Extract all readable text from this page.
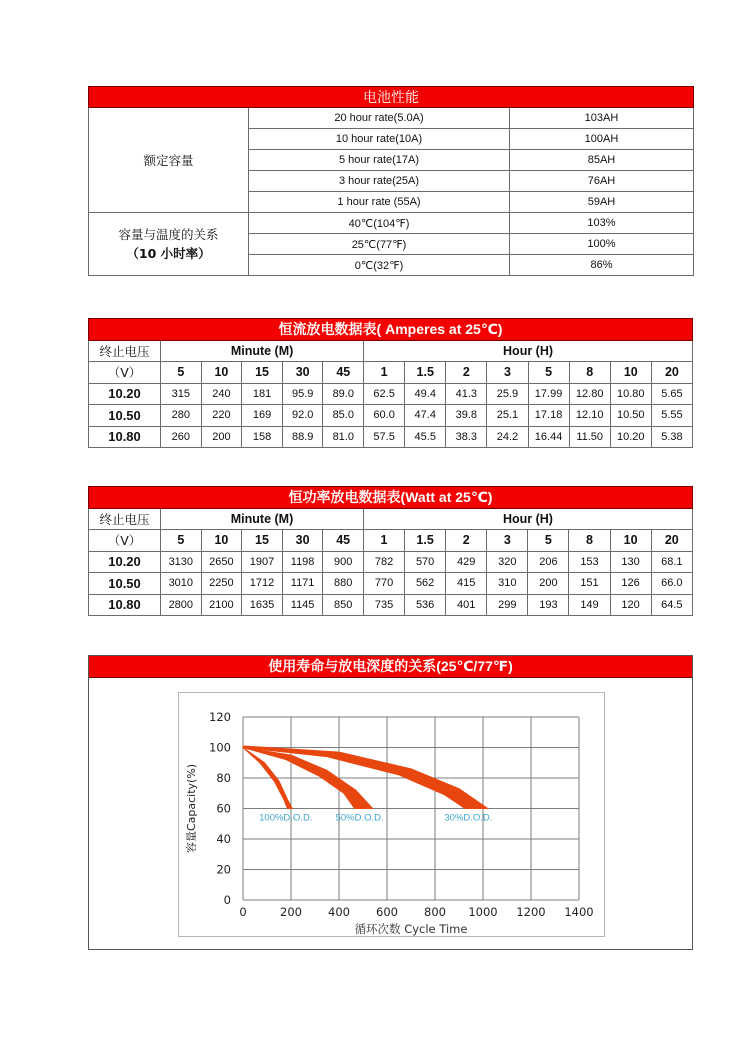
电池性能		
额定容量	20 hour rate(5.0A)	103AH
	10 hour rate(10A)	100AH
	5 hour rate(17A)	85AH
	3 hour rate(25A)	76AH
	1 hour rate (55A)	59AH

容量与温度的关系
（10 小时率）	40℃(104℉)	103%
	25℃(77℉)	100%
	0℃(32℉)	86%
恒流放电数据表( Amperes at 25℃)													
终止电压	Minute (M)					Hour (H)							
（V）	5	10	15	30	45	1	1.5	2	3	5	8	10	20
10.20	315	240	181	95.9	89.0	62.5	49.4	41.3	25.9	17.99	12.80	10.80	5.65
10.50	280	220	169	92.0	85.0	60.0	47.4	39.8	25.1	17.18	12.10	10.50	5.55
10.80	260	200	158	88.9	81.0	57.5	45.5	38.3	24.2	16.44	11.50	10.20	5.38
恒功率放电数据表(Watt at 25℃)													
终止电压	Minute (M)					Hour (H)							
（V）	5	10	15	30	45	1	1.5	2	3	5	8	10	20
10.20	3130	2650	1907	1198	900	782	570	429	320	206	153	130	68.1
10.50	3010	2250	1712	1171	880	770	562	415	310	200	151	126	66.0
10.80	2800	2100	1635	1145	850	735	536	401	299	193	149	120	64.5
使用寿命与放电深度的关系(25℃/77℉)
0	200 400 600 800 1000 1200 1400
0
20
40
60
80
100
120
100%D.O.D. 50%D.O.D.	30%D.O.D.
循环次数 Cycle Time
容量Capacity(%)
